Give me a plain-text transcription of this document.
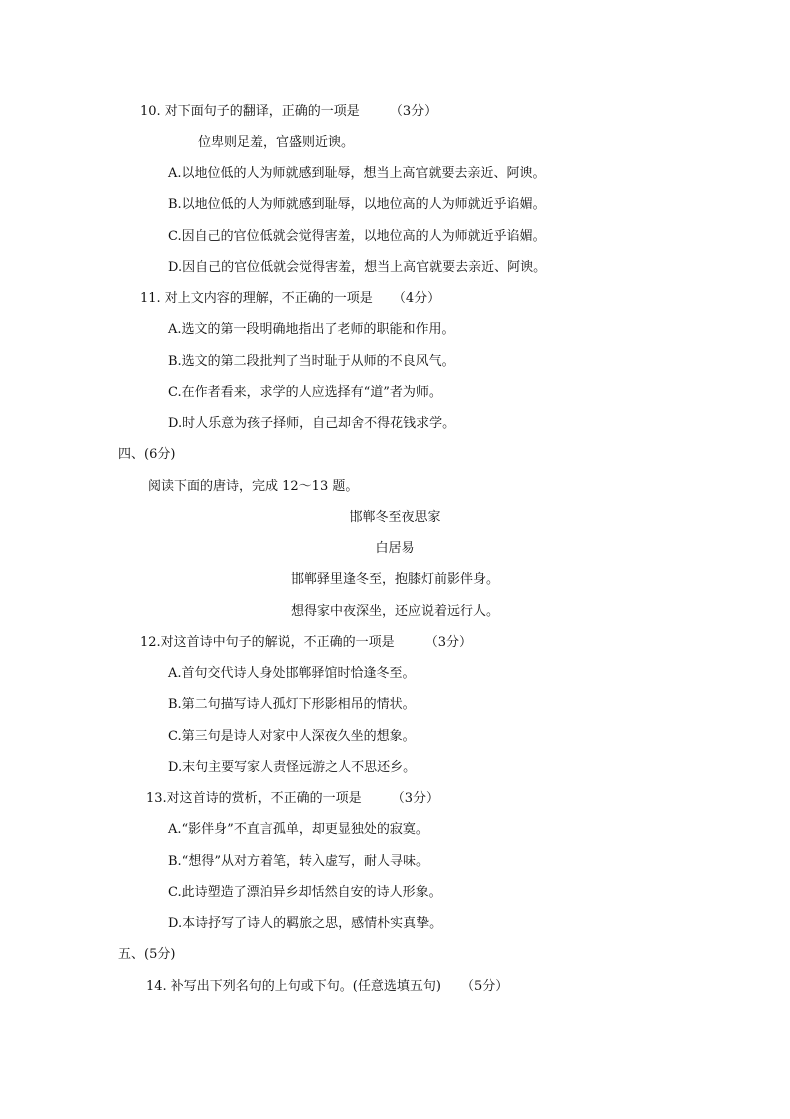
10. 对下面句子的翻译，正确的一项是 （3分）
位卑则足羞，官盛则近谀。
A.以地位低的人为师就感到耻辱，想当上高官就要去亲近、阿谀。
B.以地位低的人为师就感到耻辱，以地位高的人为师就近乎谄媚。
C.因自己的官位低就会觉得害羞，以地位高的人为师就近乎谄媚。
D.因自己的官位低就会觉得害羞，想当上高官就要去亲近、阿谀。
11. 对上文内容的理解，不正确的一项是 （4分）
A.选文的第一段明确地指出了老师的职能和作用。
B.选文的第二段批判了当时耻于从师的不良风气。
C.在作者看来，求学的人应选择有“道”者为师。
D.时人乐意为孩子择师，自己却舍不得花钱求学。
四、(6分)
阅读下面的唐诗，完成 12～13 题。
邯郸冬至夜思家
白居易
邯郸驿里逢冬至，抱膝灯前影伴身。
想得家中夜深坐，还应说着远行人。
12.对这首诗中句子的解说，不正确的一项是 （3分）
A.首句交代诗人身处邯郸驿馆时恰逢冬至。
B.第二句描写诗人孤灯下形影相吊的情状。
C.第三句是诗人对家中人深夜久坐的想象。
D.末句主要写家人责怪远游之人不思还乡。
13.对这首诗的赏析，不正确的一项是 （3分）
A.“影伴身”不直言孤单，却更显独处的寂寞。
B.“想得”从对方着笔，转入虚写，耐人寻味。
C.此诗塑造了漂泊异乡却恬然自安的诗人形象。
D.本诗抒写了诗人的羁旅之思，感情朴实真挚。
五、(5分)
14. 补写出下列名句的上句或下句。(任意选填五句) （5分）
